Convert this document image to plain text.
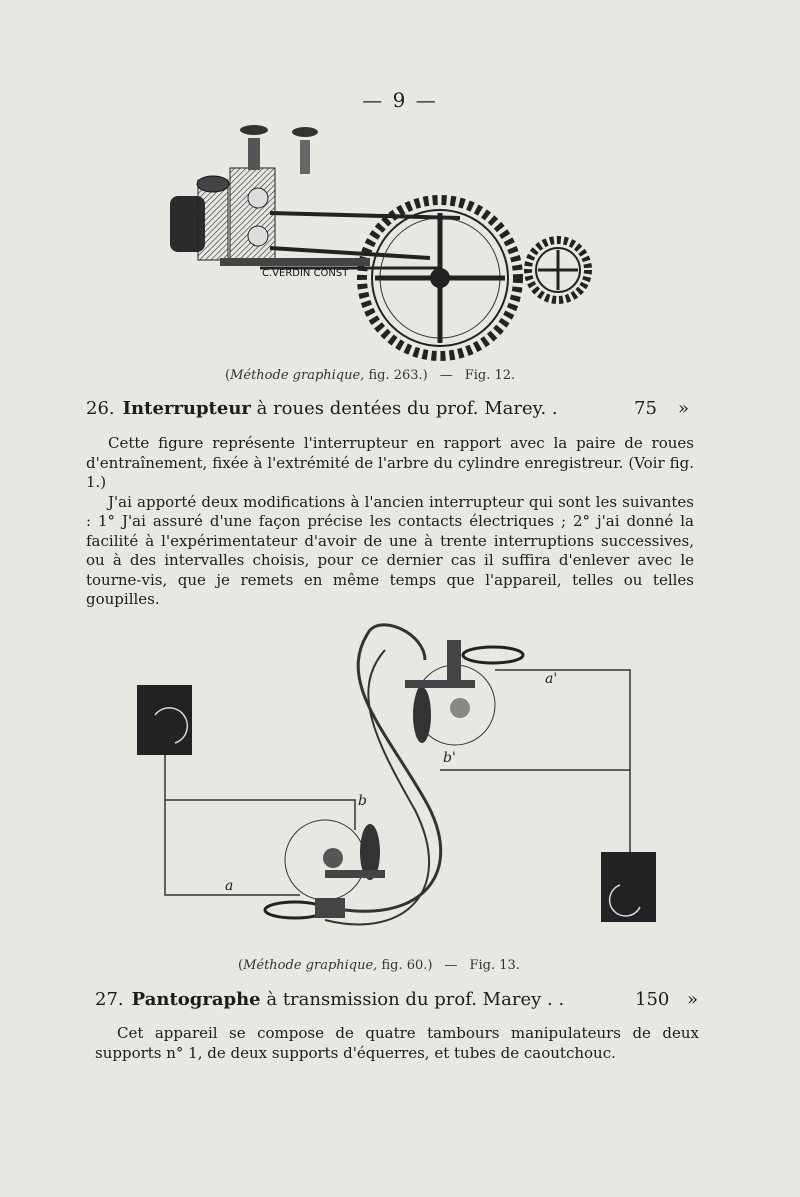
— 9 —
C.VERDIN CONST
(Méthode graphique, fig. 263.) — Fig. 12.
26. Interrupteur
à roues dentées du prof. Marey. .	75 »

Cette figure représente l'interrupteur en rapport avec la paire de roues d'entraînement, fixée à l'extrémité de l'arbre du cylindre enregistreur. (Voir fig. 1.)

J'ai apporté deux modifications à l'ancien interrupteur qui sont les suivantes : 1° J'ai assuré d'une façon précise les contacts électriques ; 2° j'ai donné la facilité à l'expérimentateur d'avoir de une à trente interruptions successives, ou à des intervalles choisis, pour ce dernier cas il suffira d'enlever avec le tourne-vis, que je remets en même temps que l'appareil, telles ou telles goupilles.

a
b
a'
b'
(Méthode graphique, fig. 60.) — Fig. 13.
27. Pantographe
à transmission du prof. Marey . .	150 »

Cet appareil se compose de quatre tambours manipulateurs de deux supports n° 1, de deux supports d'équerres, et tubes de caoutchouc.
